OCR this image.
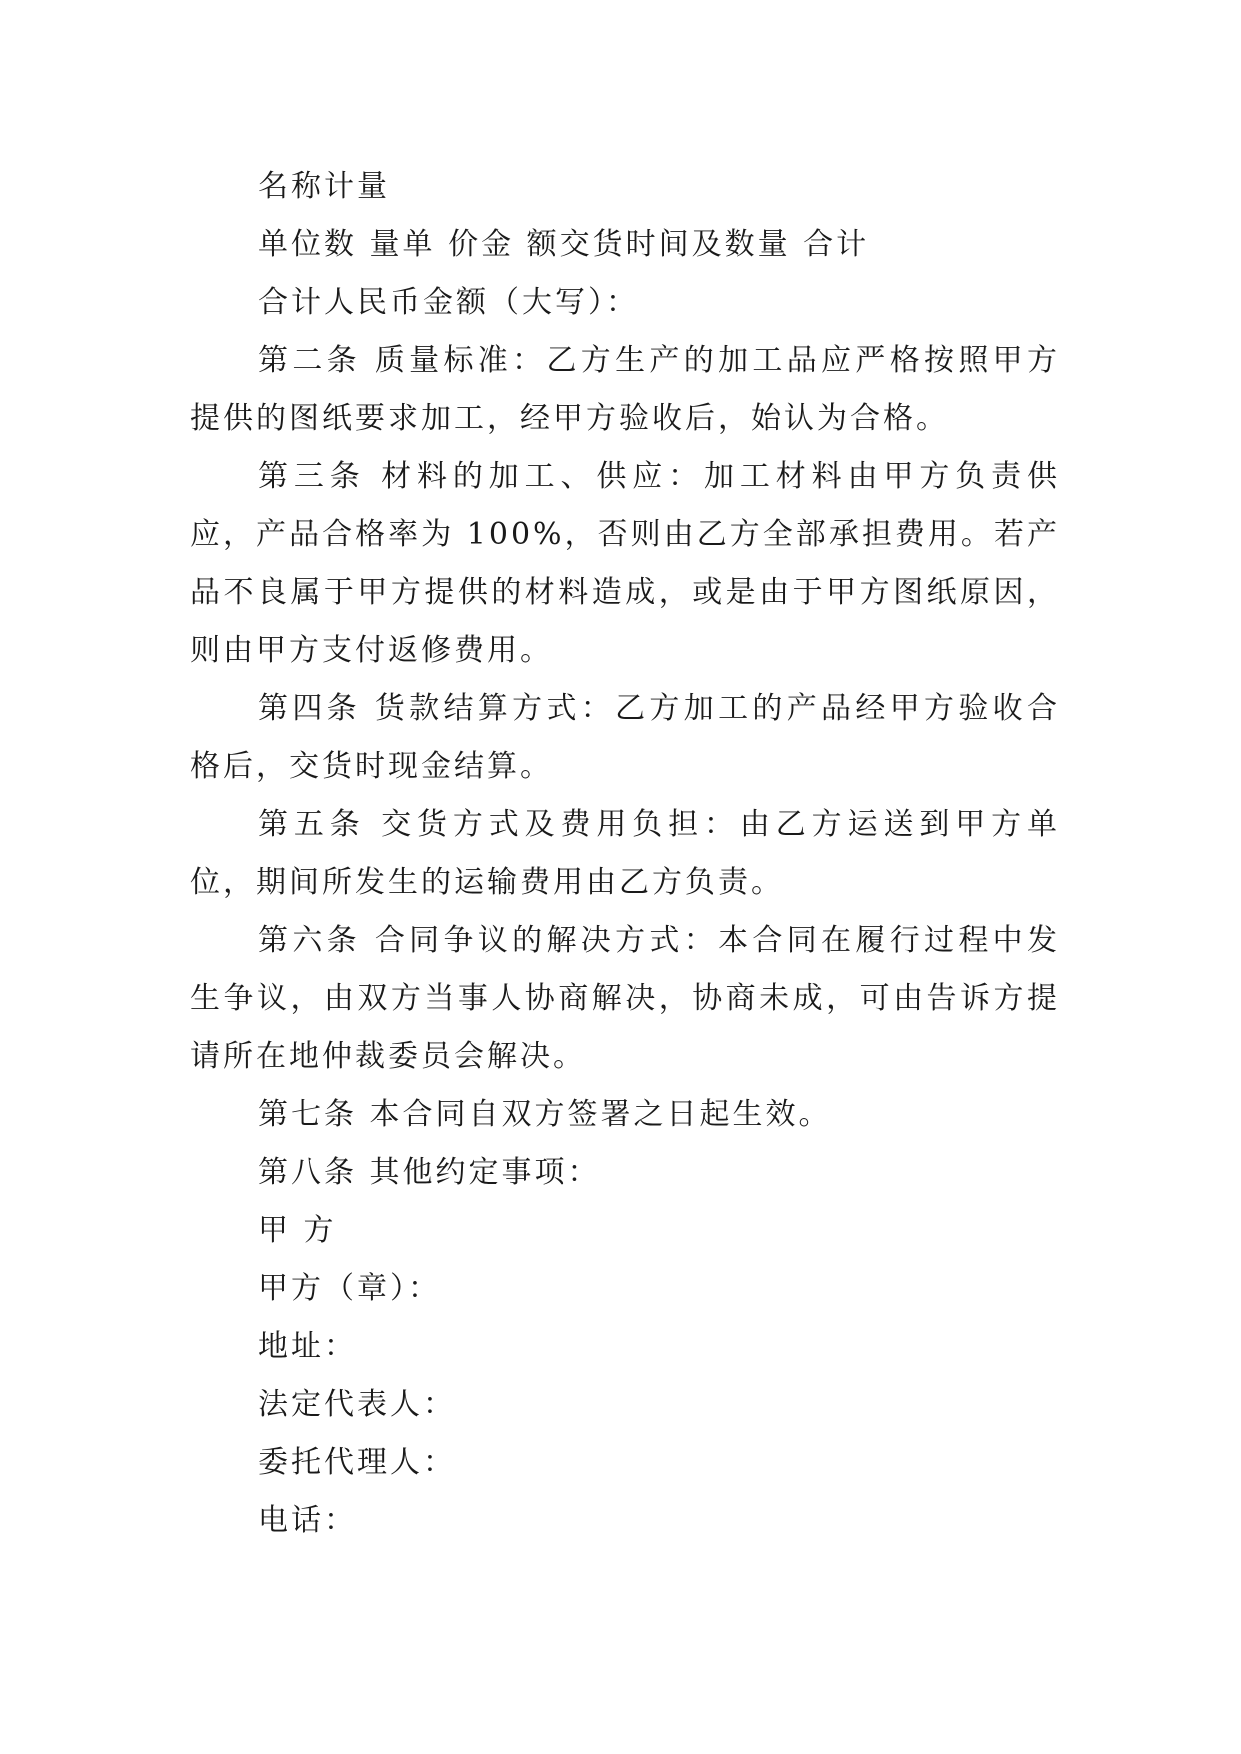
名称计量

单位数 量单 价金 额交货时间及数量 合计

合计人民币金额（大写）：

第二条 质量标准：乙方生产的加工品应严格按照甲方提供的图纸要求加工，经甲方验收后，始认为合格。

第三条 材料的加工、供应：加工材料由甲方负责供应，产品合格率为 100%，否则由乙方全部承担费用。若产品不良属于甲方提供的材料造成，或是由于甲方图纸原因，则由甲方支付返修费用。

第四条 货款结算方式：乙方加工的产品经甲方验收合格后，交货时现金结算。

第五条 交货方式及费用负担：由乙方运送到甲方单位，期间所发生的运输费用由乙方负责。

第六条 合同争议的解决方式：本合同在履行过程中发生争议，由双方当事人协商解决，协商未成，可由告诉方提请所在地仲裁委员会解决。

第七条 本合同自双方签署之日起生效。

第八条 其他约定事项：

甲 方

甲方（章）：

地址：

法定代表人：

委托代理人：

电话：
